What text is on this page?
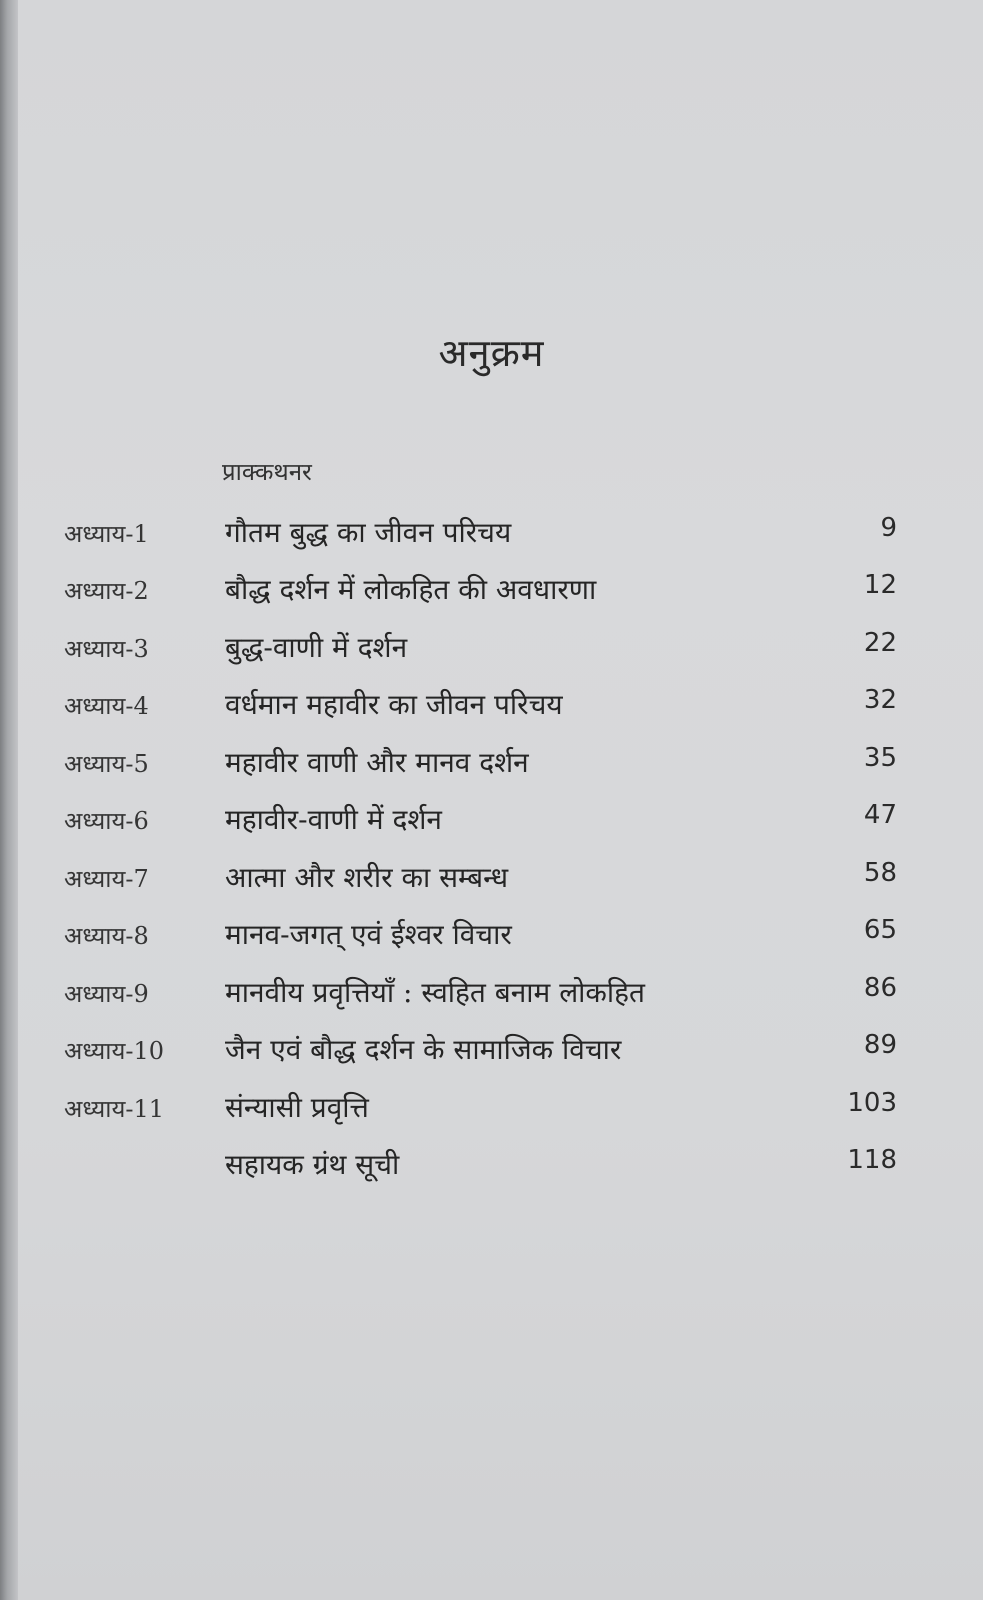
अनुक्रम
प्राक्कथनर
अध्याय-1	गौतम बुद्ध का जीवन परिचय	9
अध्याय-2	बौद्ध दर्शन में लोकहित की अवधारणा	12
अध्याय-3	बुद्ध-वाणी में दर्शन	22
अध्याय-4	वर्धमान महावीर का जीवन परिचय	32
अध्याय-5	महावीर वाणी और मानव दर्शन	35
अध्याय-6	महावीर-वाणी में दर्शन	47
अध्याय-7	आत्मा और शरीर का सम्बन्ध	58
अध्याय-8	मानव-जगत् एवं ईश्वर विचार	65
अध्याय-9	मानवीय प्रवृत्तियाँ : स्वहित बनाम लोकहित	86
अध्याय-10 जैन एवं बौद्ध दर्शन के सामाजिक विचार	89
अध्याय-11 संन्यासी प्रवृत्ति	103
सहायक ग्रंथ सूची	118
